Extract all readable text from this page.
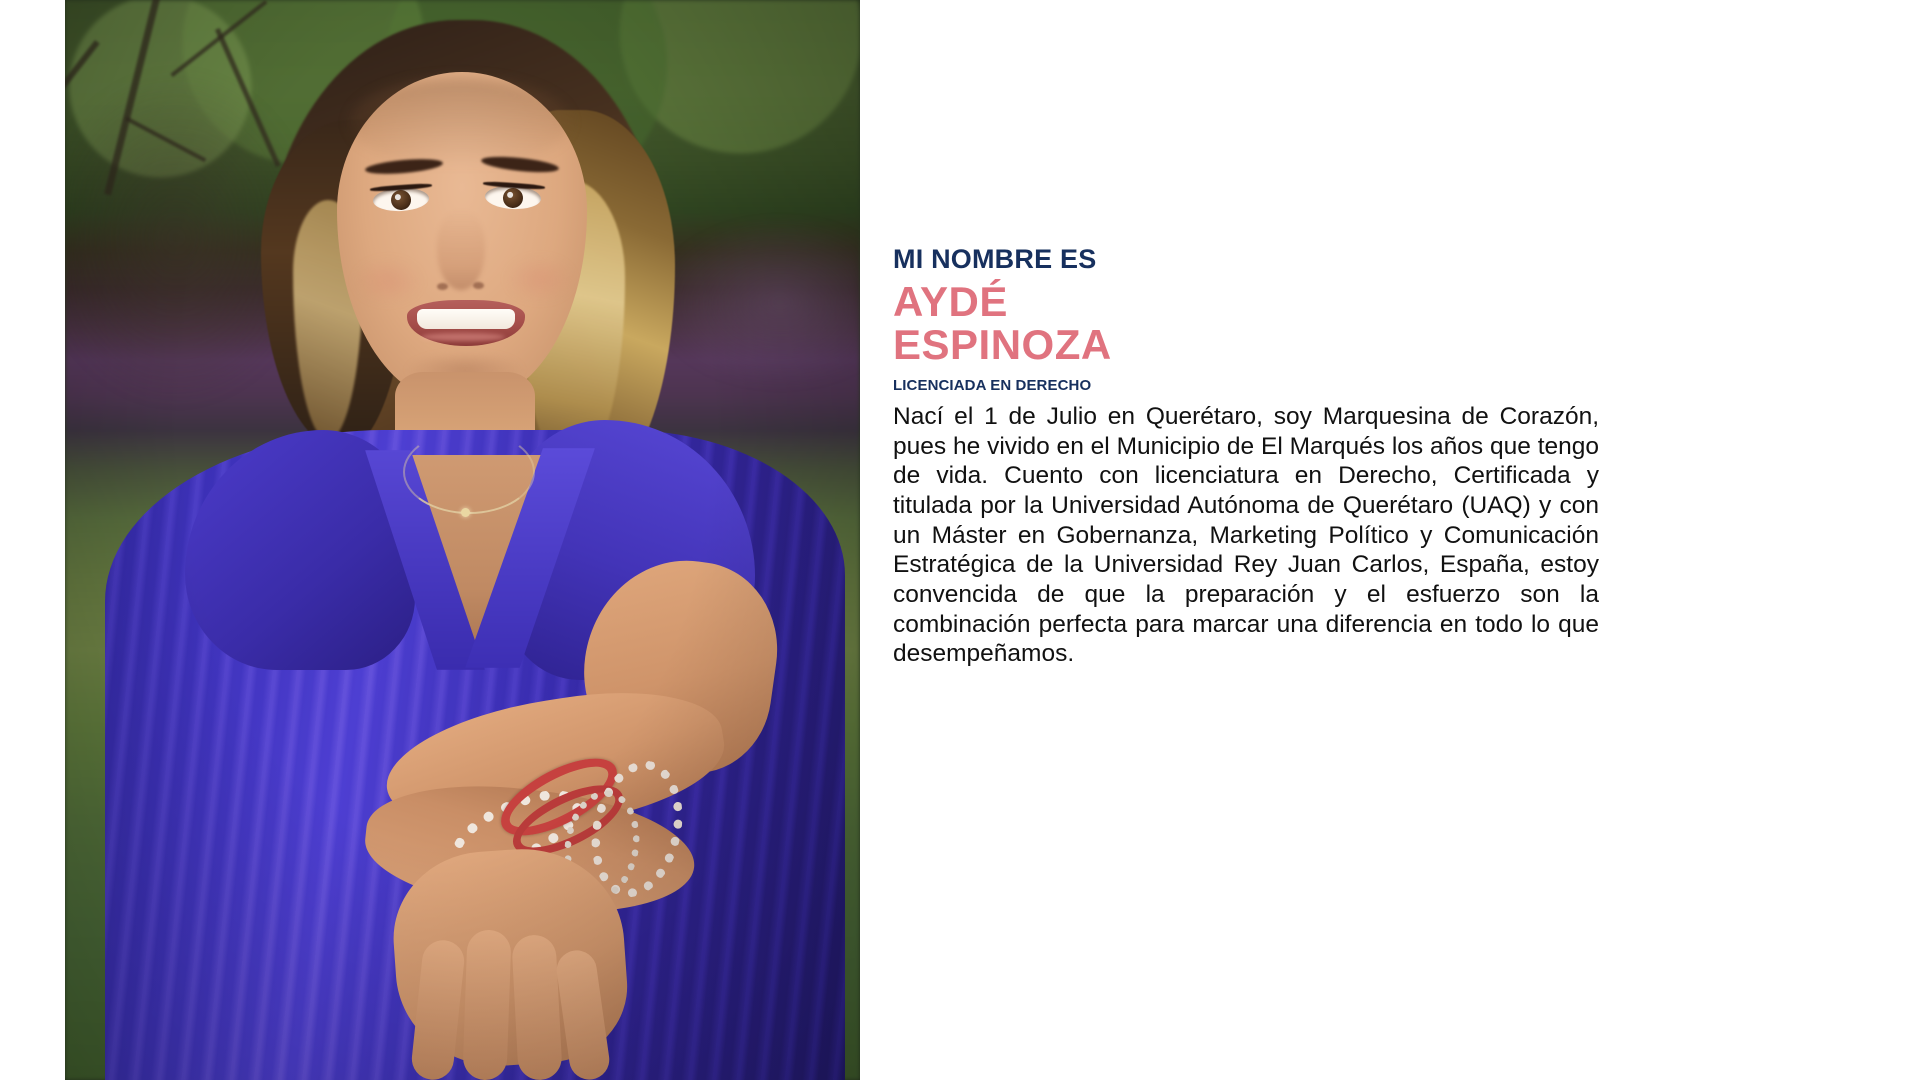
MI NOMBRE ES
AYDÉ
ESPINOZA
LICENCIADA EN DERECHO

Nací el 1 de Julio en Querétaro, soy Marquesina de Corazón, pues he vivido en el Municipio de El Marqués los años que tengo de vida. Cuento con licenciatura en Derecho, Certificada y titulada por la Universidad Autónoma de Querétaro (UAQ) y con un Máster en Gobernanza, Marketing Político y Comunicación Estratégica de la Universidad Rey Juan Carlos, España, estoy convencida de que la preparación y el esfuerzo son la combinación perfecta para marcar una diferencia en todo lo que desempeñamos.
